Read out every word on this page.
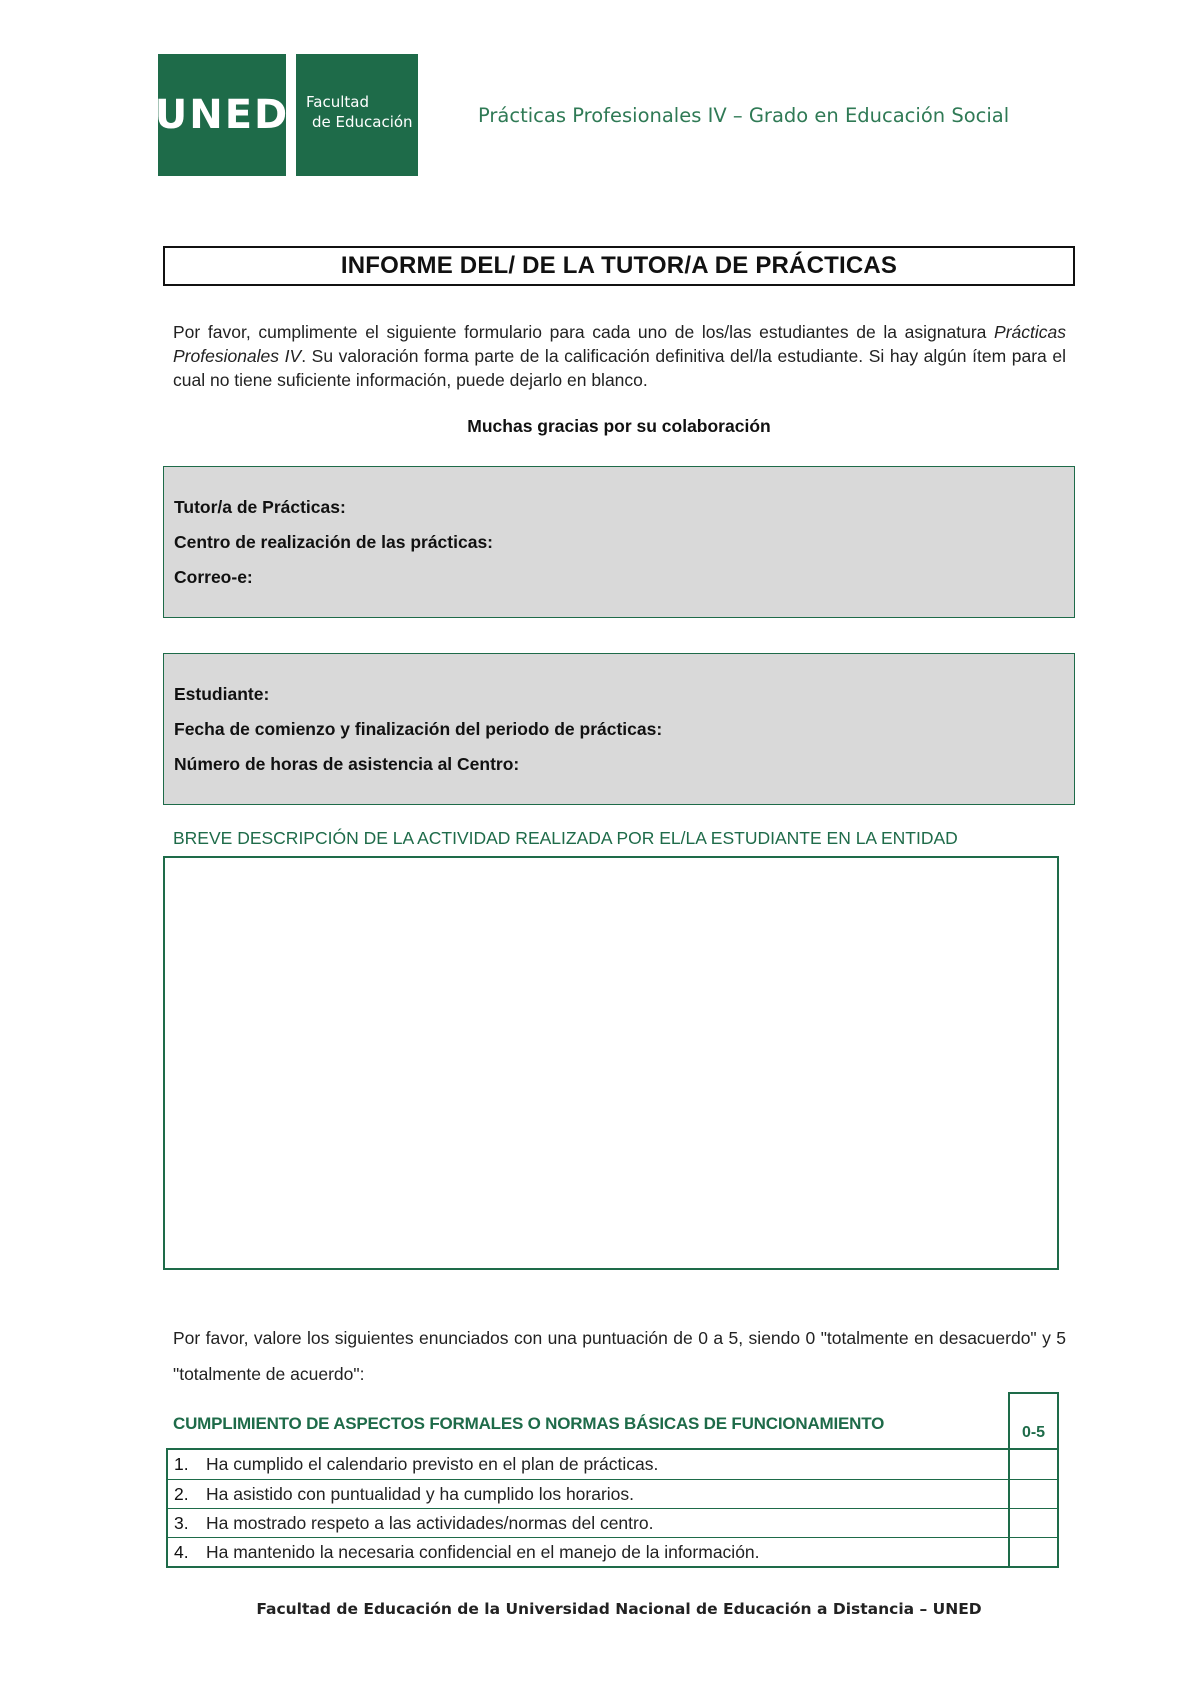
UNED Facultad
de Educación	Prácticas Profesionales IV – Grado en Educación Social
INFORME DEL/ DE LA TUTOR/A DE PRÁCTICAS

Por favor, cumplimente el siguiente formulario para cada uno de los/las estudiantes de la asignatura Prácticas Profesionales IV. Su valoración forma parte de la calificación definitiva del/la estudiante. Si hay algún ítem para el cual no tiene suficiente información, puede dejarlo en blanco.

Muchas gracias por su colaboración
Tutor/a de Prácticas:
Centro de realización de las prácticas:
Correo-e:
Estudiante:
Fecha de comienzo y finalización del periodo de prácticas:
Número de horas de asistencia al Centro:
BREVE DESCRIPCIÓN DE LA ACTIVIDAD REALIZADA POR EL/LA ESTUDIANTE EN LA ENTIDAD

Por favor, valore los siguientes enunciados con una puntuación de 0 a 5, siendo 0 "totalmente en desacuerdo" y 5 "totalmente de acuerdo":

CUMPLIMIENTO DE ASPECTOS FORMALES O NORMAS BÁSICAS DE FUNCIONAMIENTO	0-5
1. Ha cumplido el calendario previsto en el plan de prácticas.
2. Ha asistido con puntualidad y ha cumplido los horarios.
3. Ha mostrado respeto a las actividades/normas del centro.
4. Ha mantenido la necesaria confidencial en el manejo de la información.
Facultad de Educación de la Universidad Nacional de Educación a Distancia – UNED
